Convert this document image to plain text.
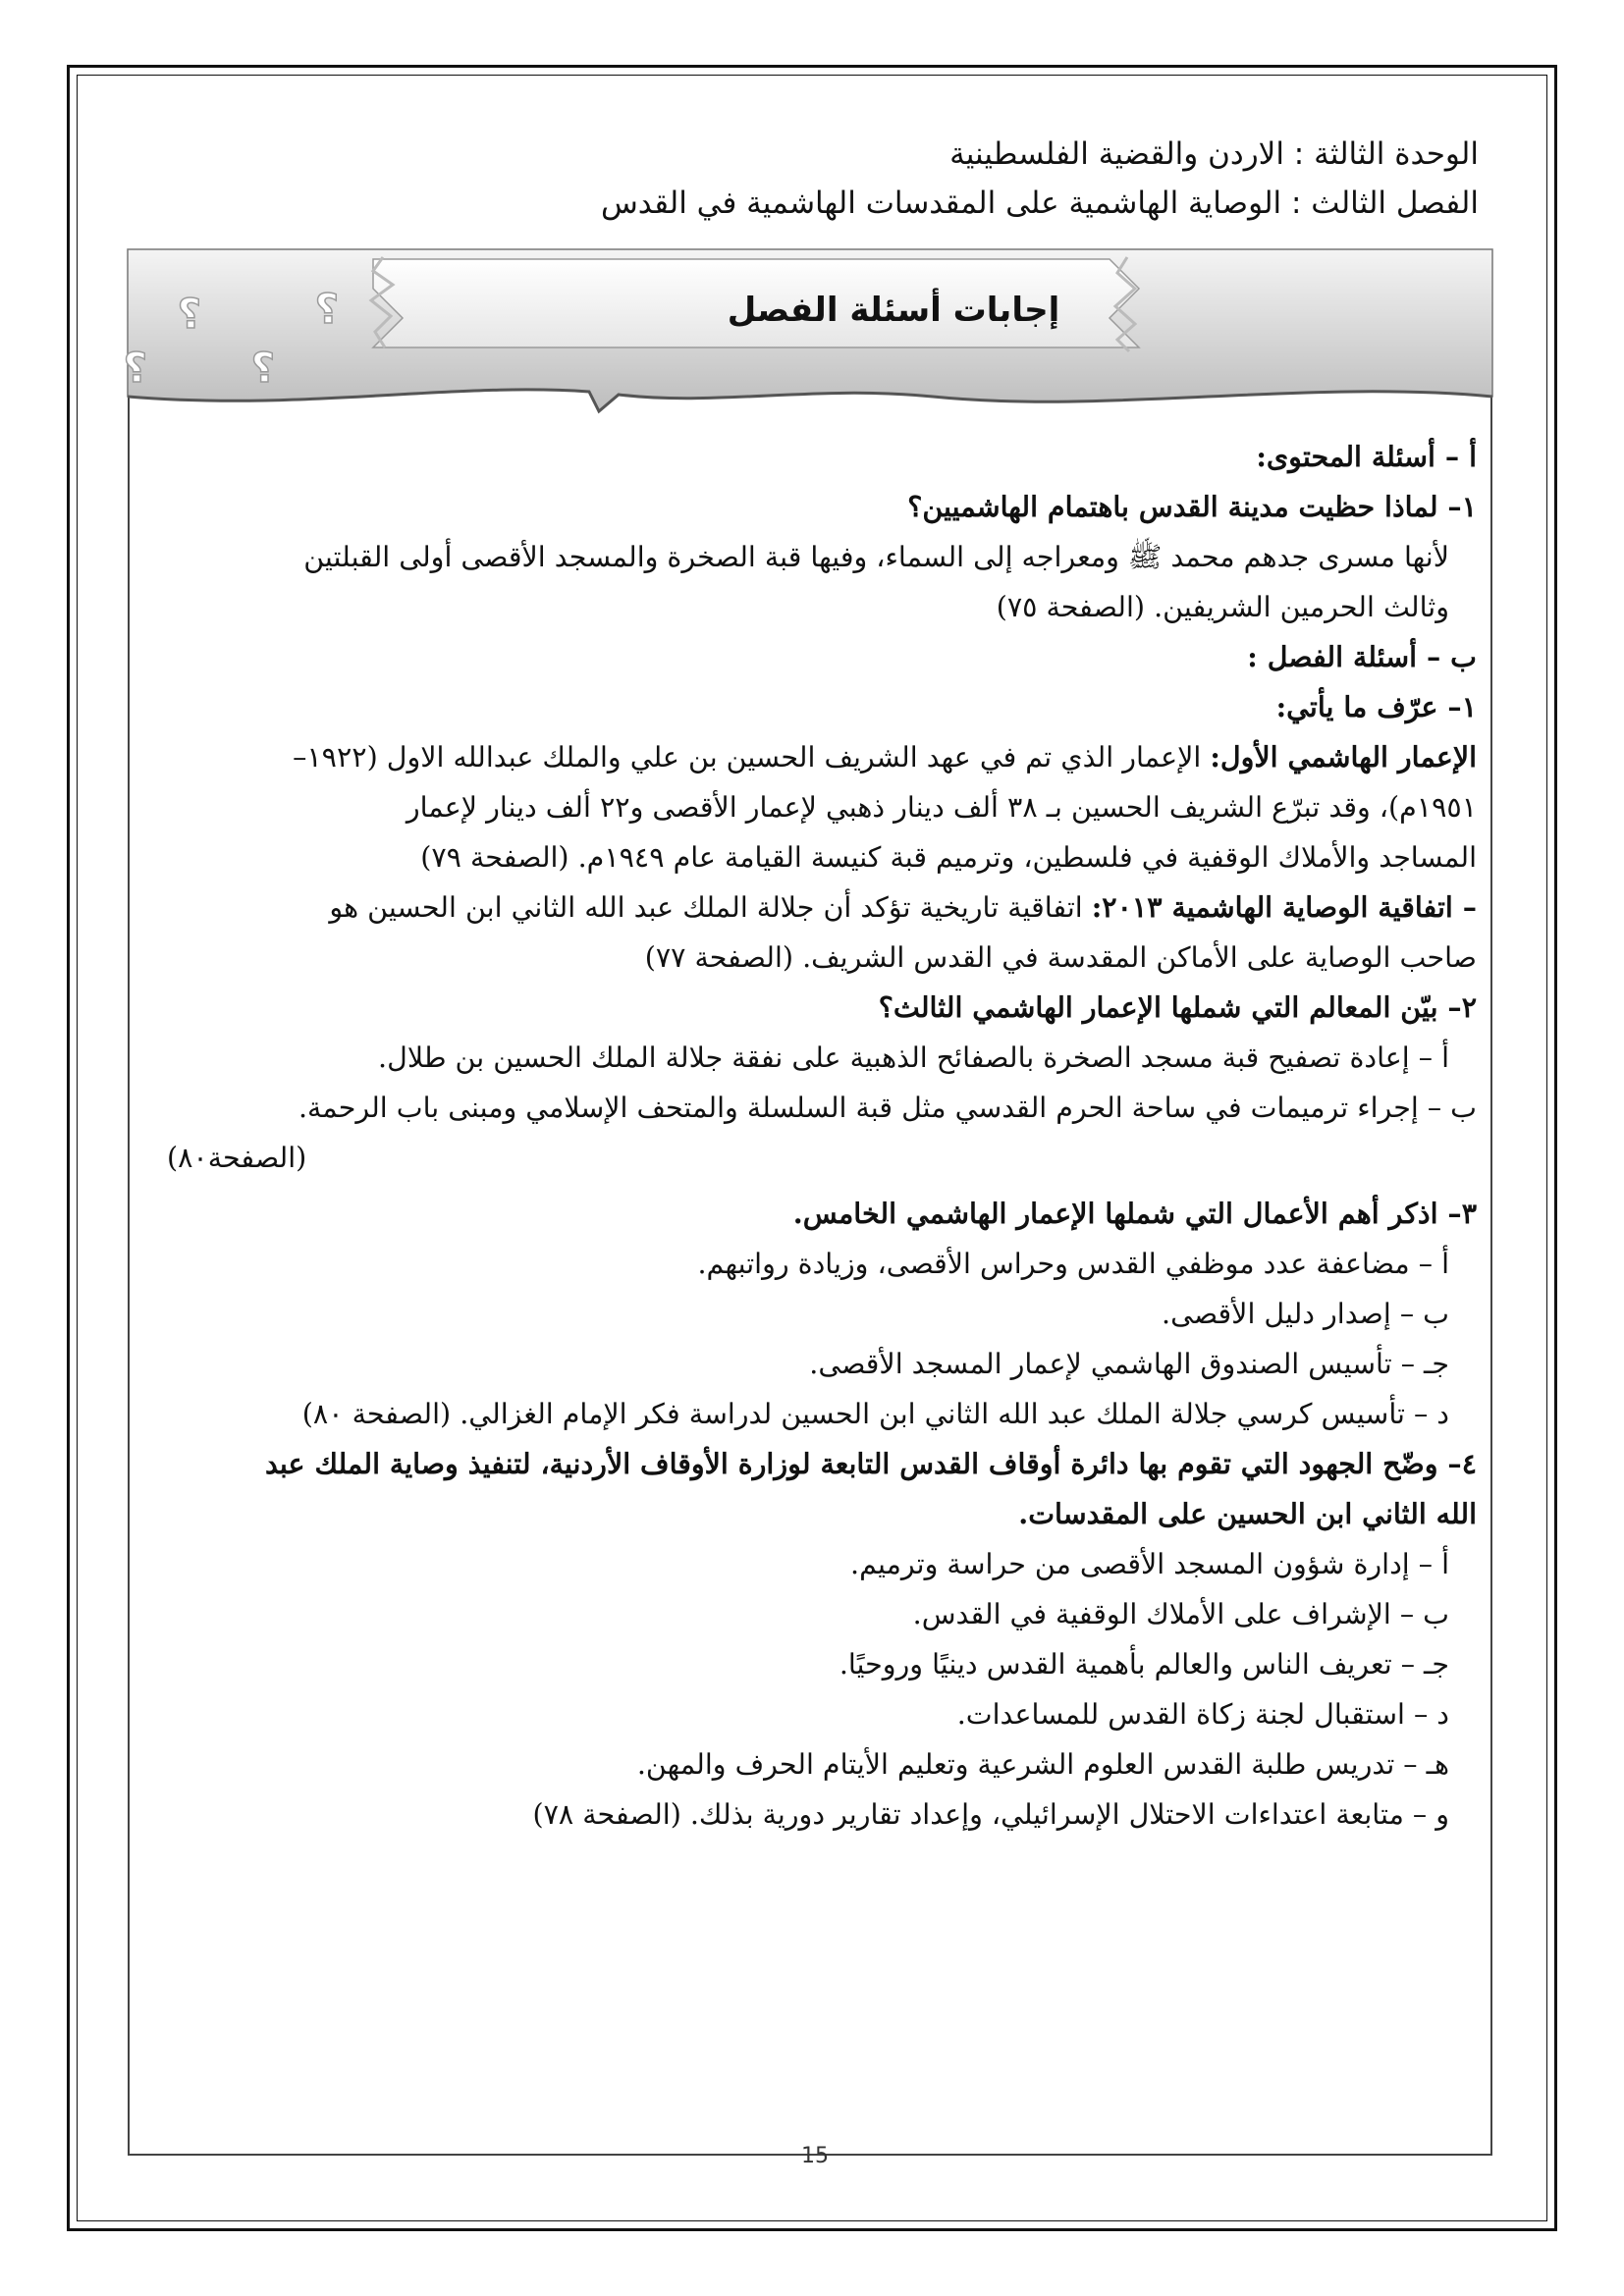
الوحدة الثالثة : الاردن والقضية الفلسطينية
الفصل الثالث : الوصاية الهاشمية على المقدسات الهاشمية في القدس
؟
؟
؟
؟	إجابات أسئلة الفصل
أ – أسئلة المحتوى:
١– لماذا حظيت مدينة القدس باهتمام الهاشميين؟
لأنها مسرى جدهم محمد ﷺ ومعراجه إلى السماء، وفيها قبة الصخرة والمسجد الأقصى أولى القبلتين
وثالث الحرمين الشريفين. (الصفحة ٧٥)
ب – أسئلة الفصل :
١– عرّف ما يأتي:
الإعمار الهاشمي الأول: الإعمار الذي تم في عهد الشريف الحسين بن علي والملك عبدالله الاول (١٩٢٢–
١٩٥١م)، وقد تبرّع الشريف الحسين بـ ٣٨ ألف دينار ذهبي لإعمار الأقصى و٢٢ ألف دينار لإعمار
المساجد والأملاك الوقفية في فلسطين، وترميم قبة كنيسة القيامة عام ١٩٤٩م. (الصفحة ٧٩)
– اتفاقية الوصاية الهاشمية ٢٠١٣: اتفاقية تاريخية تؤكد أن جلالة الملك عبد الله الثاني ابن الحسين هو
صاحب الوصاية على الأماكن المقدسة في القدس الشريف. (الصفحة ٧٧)
٢– بيّن المعالم التي شملها الإعمار الهاشمي الثالث؟
أ – إعادة تصفيح قبة مسجد الصخرة بالصفائح الذهبية على نفقة جلالة الملك الحسين بن طلال.
ب – إجراء ترميمات في ساحة الحرم القدسي مثل قبة السلسلة والمتحف الإسلامي ومبنى باب الرحمة.
(الصفحة٨٠)
٣– اذكر أهم الأعمال التي شملها الإعمار الهاشمي الخامس.
أ – مضاعفة عدد موظفي القدس وحراس الأقصى، وزيادة رواتبهم.
ب – إصدار دليل الأقصى.
جـ – تأسيس الصندوق الهاشمي لإعمار المسجد الأقصى.
د – تأسيس كرسي جلالة الملك عبد الله الثاني ابن الحسين لدراسة فكر الإمام الغزالي. (الصفحة ٨٠)
٤– وضّح الجهود التي تقوم بها دائرة أوقاف القدس التابعة لوزارة الأوقاف الأردنية، لتنفيذ وصاية الملك عبد
الله الثاني ابن الحسين على المقدسات.
أ – إدارة شؤون المسجد الأقصى من حراسة وترميم.
ب – الإشراف على الأملاك الوقفية في القدس.
جـ – تعريف الناس والعالم بأهمية القدس دينيًا وروحيًا.
د – استقبال لجنة زكاة القدس للمساعدات.
هـ – تدريس طلبة القدس العلوم الشرعية وتعليم الأيتام الحرف والمهن.
و – متابعة اعتداءات الاحتلال الإسرائيلي، وإعداد تقارير دورية بذلك. (الصفحة ٧٨)
15
